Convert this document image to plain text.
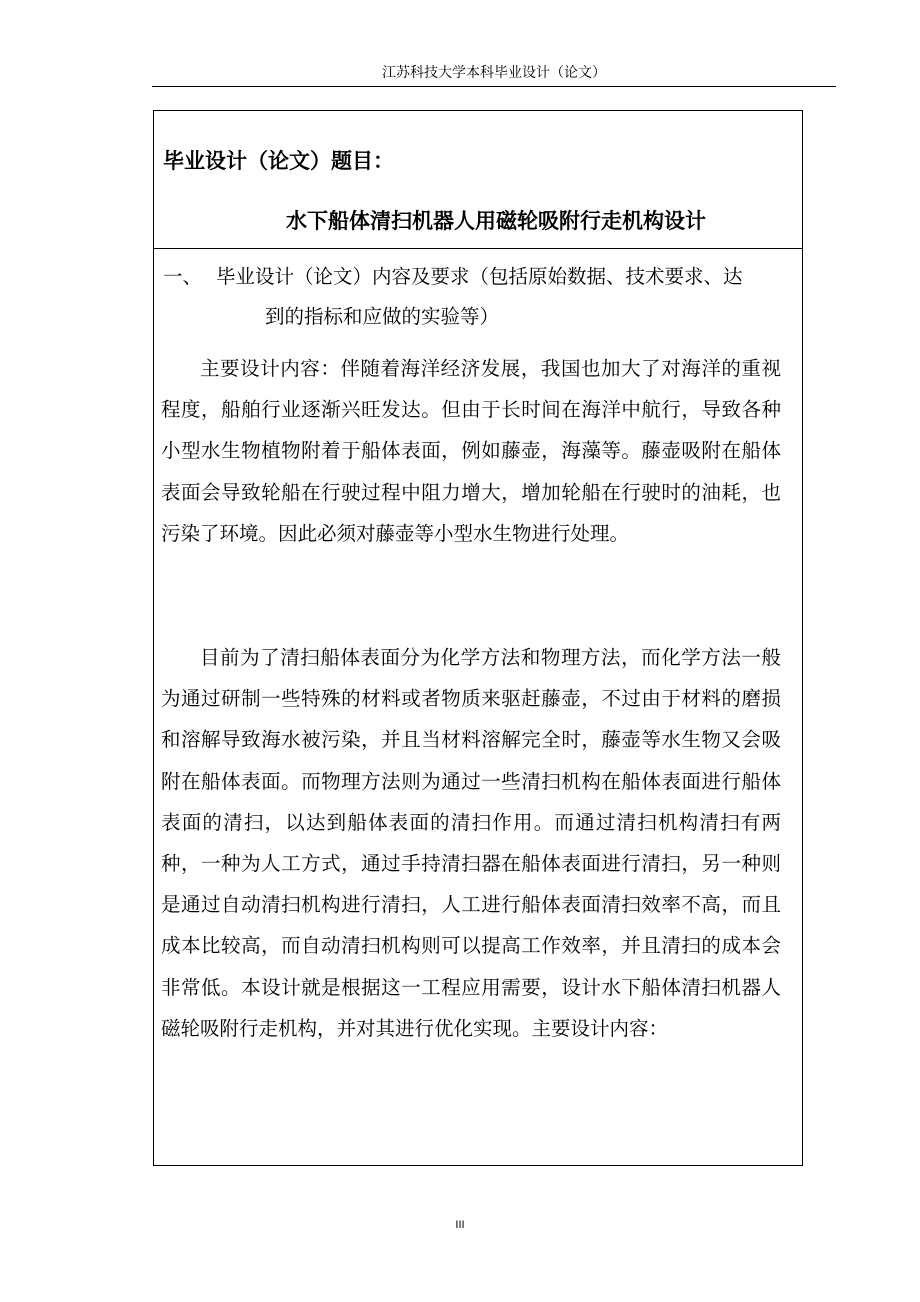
江苏科技大学本科毕业设计（论文）
毕业设计（论文）题目：
水下船体清扫机器人用磁轮吸附行走机构设计
一、 毕业设计（论文）内容及要求（包括原始数据、技术要求、达
到的指标和应做的实验等）
主要设计内容：伴随着海洋经济发展，我国也加大了对海洋的重视程度，船舶行业逐渐兴旺发达。但由于长时间在海洋中航行，导致各种小型水生物植物附着于船体表面，例如藤壶，海藻等。藤壶吸附在船体表面会导致轮船在行驶过程中阻力增大，增加轮船在行驶时的油耗，也污染了环境。因此必须对藤壶等小型水生物进行处理。
目前为了清扫船体表面分为化学方法和物理方法，而化学方法一般为通过研制一些特殊的材料或者物质来驱赶藤壶，不过由于材料的磨损和溶解导致海水被污染，并且当材料溶解完全时，藤壶等水生物又会吸附在船体表面。而物理方法则为通过一些清扫机构在船体表面进行船体表面的清扫，以达到船体表面的清扫作用。而通过清扫机构清扫有两种，一种为人工方式，通过手持清扫器在船体表面进行清扫，另一种则是通过自动清扫机构进行清扫，人工进行船体表面清扫效率不高，而且成本比较高，而自动清扫机构则可以提高工作效率，并且清扫的成本会非常低。本设计就是根据这一工程应用需要，设计水下船体清扫机器人磁轮吸附行走机构，并对其进行优化实现。主要设计内容：
III
